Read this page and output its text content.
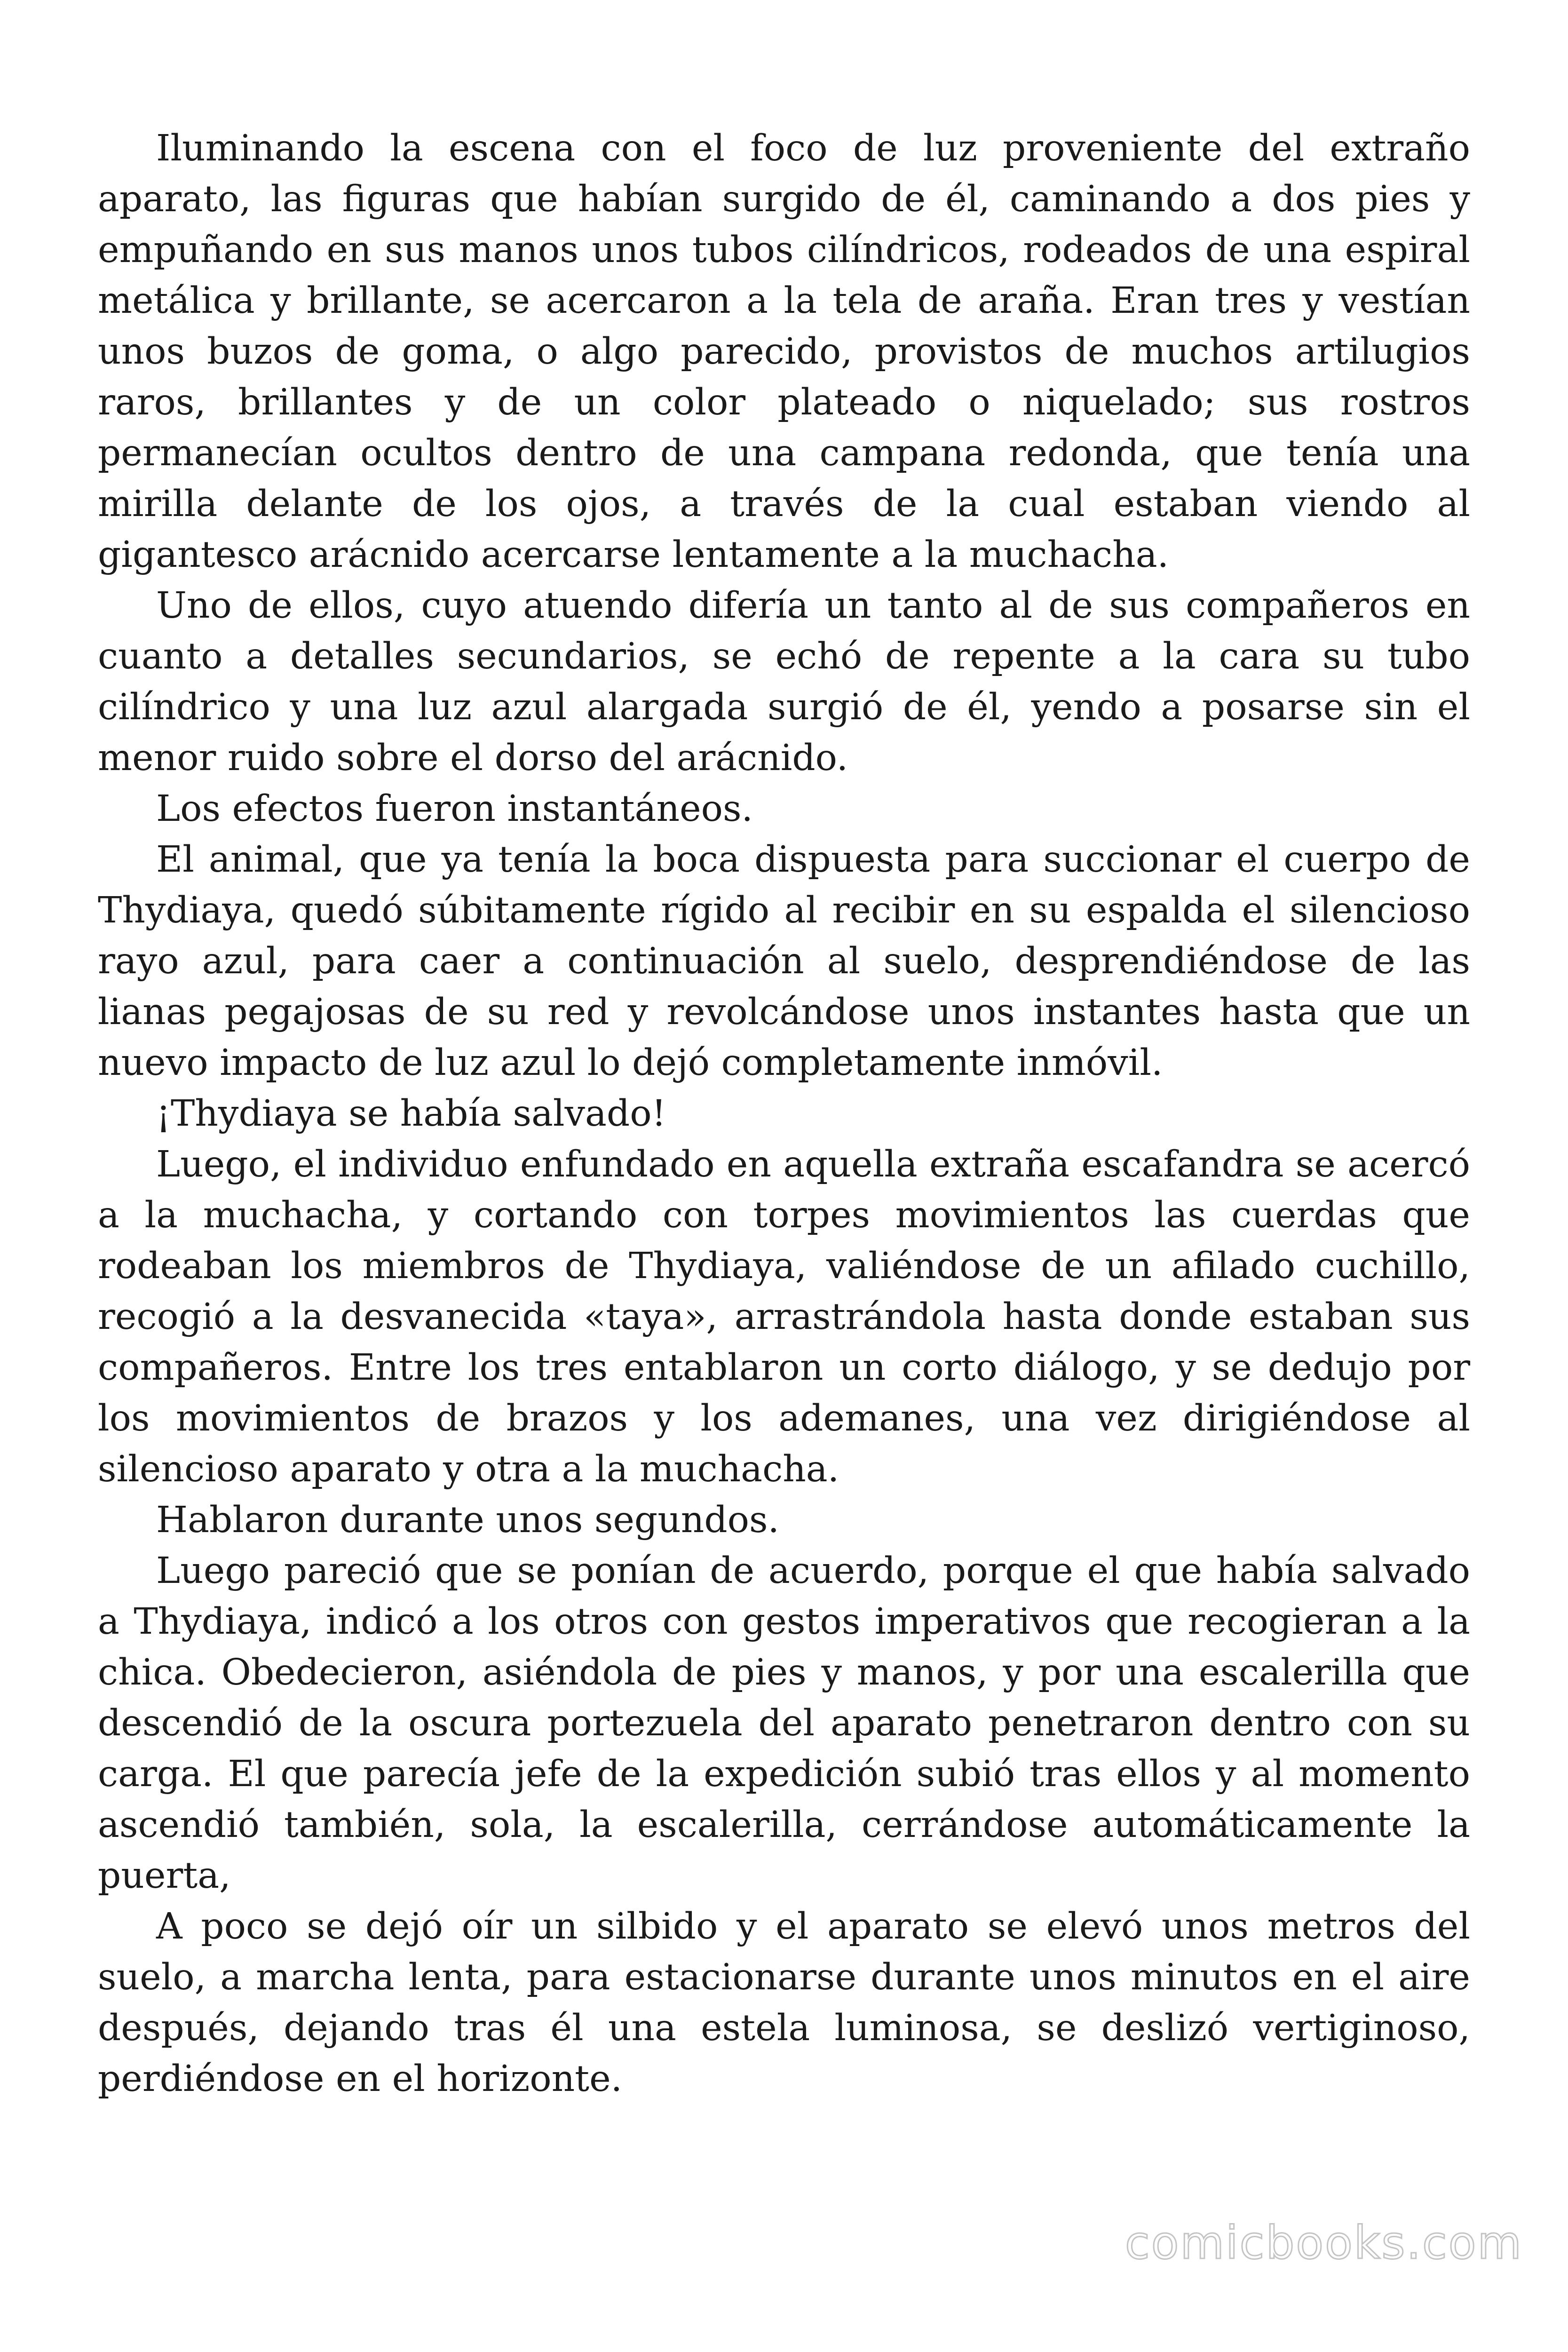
Iluminando la escena con el foco de luz proveniente del extraño aparato, las figuras que habían surgido de él, caminando a dos pies y empuñando en sus manos unos tubos cilíndricos, rodeados de una espiral metálica y brillante, se acercaron a la tela de araña. Eran tres y vestían unos buzos de goma, o algo parecido, provistos de muchos artilugios raros, brillantes y de un color plateado o niquelado; sus rostros permanecían ocultos dentro de una campana redonda, que tenía una mirilla delante de los ojos, a través de la cual estaban viendo al gigantesco arácnido acercarse lentamente a la muchacha.

Uno de ellos, cuyo atuendo difería un tanto al de sus compañeros en cuanto a detalles secundarios, se echó de repente a la cara su tubo cilíndrico y una luz azul alargada surgió de él, yendo a posarse sin el menor ruido sobre el dorso del arácnido.

Los efectos fueron instantáneos.

El animal, que ya tenía la boca dispuesta para succionar el cuerpo de Thydiaya, quedó súbitamente rígido al recibir en su espalda el silencioso rayo azul, para caer a continuación al suelo, desprendiéndose de las lianas pegajosas de su red y revolcándose unos instantes hasta que un nuevo impacto de luz azul lo dejó completamente inmóvil.

¡Thydiaya se había salvado!

Luego, el individuo enfundado en aquella extraña escafandra se acercó a la muchacha, y cortando con torpes movimientos las cuerdas que rodeaban los miembros de Thydiaya, valiéndose de un afilado cuchillo, recogió a la desvanecida «taya», arrastrándola hasta donde estaban sus compañeros. Entre los tres entablaron un corto diálogo, y se dedujo por los movimientos de brazos y los ademanes, una vez dirigiéndose al silencioso aparato y otra a la muchacha.

Hablaron durante unos segundos.

Luego pareció que se ponían de acuerdo, porque el que había salvado a Thydiaya, indicó a los otros con gestos imperativos que recogieran a la chica. Obedecieron, asiéndola de pies y manos, y por una escalerilla que descendió de la oscura portezuela del aparato penetraron dentro con su carga. El que parecía jefe de la expedición subió tras ellos y al momento ascendió también, sola, la escalerilla, cerrándose automáticamente la puerta,

A poco se dejó oír un silbido y el aparato se elevó unos metros del suelo, a marcha lenta, para estacionarse durante unos minutos en el aire después, dejando tras él una estela luminosa, se deslizó vertiginoso, perdiéndose en el horizonte.

comicbooks.com
